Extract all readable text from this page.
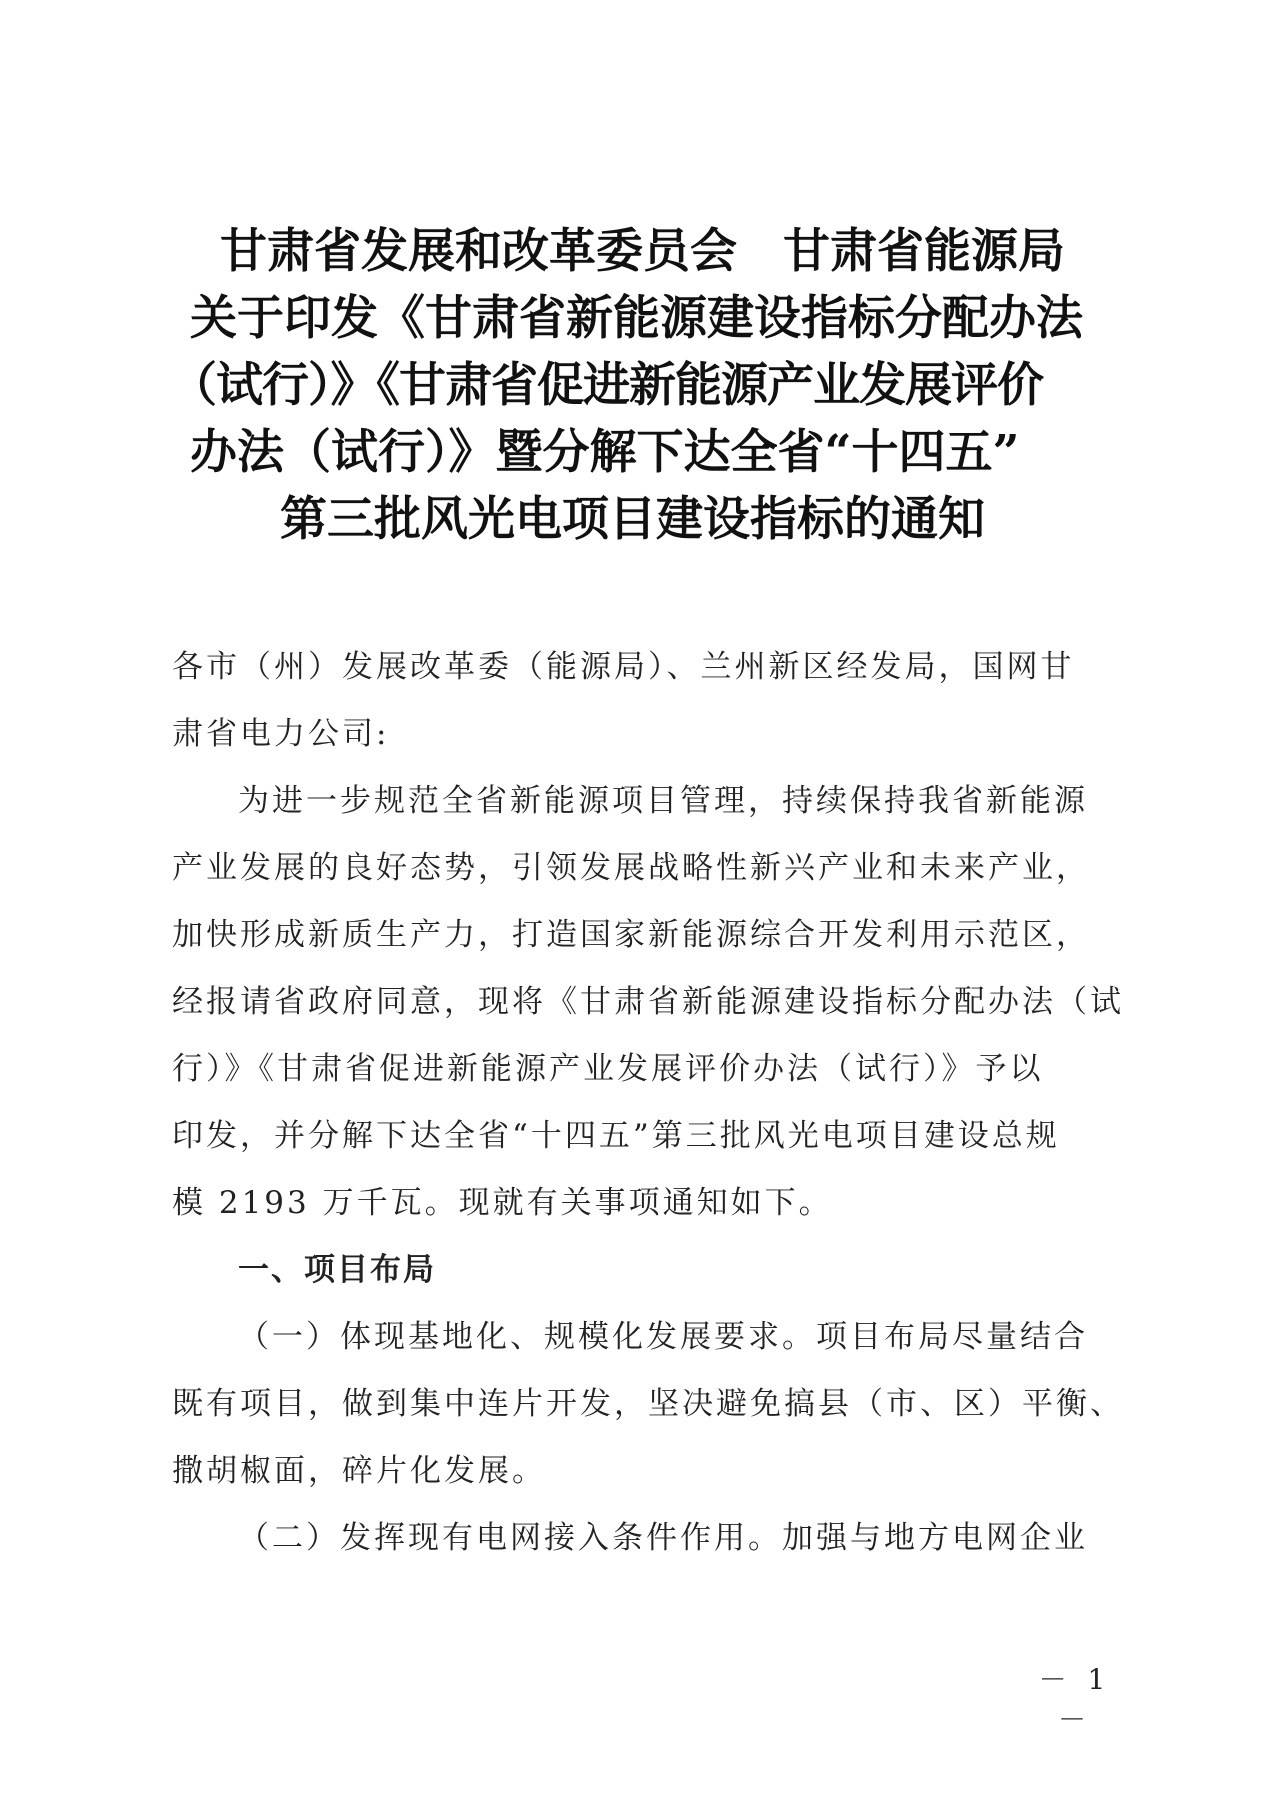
甘肃省发展和改革委员会 甘肃省能源局
关于印发《甘肃省新能源建设指标分配办法
（试行）》《甘肃省促进新能源产业发展评价
办法（试行）》暨分解下达全省“十四五”
第三批风光电项目建设指标的通知
各市（州）发展改革委（能源局）、兰州新区经发局，国网甘
肃省电力公司:
为进一步规范全省新能源项目管理，持续保持我省新能源
产业发展的良好态势，引领发展战略性新兴产业和未来产业，
加快形成新质生产力，打造国家新能源综合开发利用示范区，
经报请省政府同意，现将《甘肃省新能源建设指标分配办法（试
行）》《甘肃省促进新能源产业发展评价办法（试行）》予以
印发，并分解下达全省“十四五”第三批风光电项目建设总规
模 2193 万千瓦。现就有关事项通知如下。
一、项目布局
（一）体现基地化、规模化发展要求。项目布局尽量结合
既有项目，做到集中连片开发，坚决避免搞县（市、区）平衡、
撒胡椒面，碎片化发展。
（二）发挥现有电网接入条件作用。加强与地方电网企业
－ 1 －
